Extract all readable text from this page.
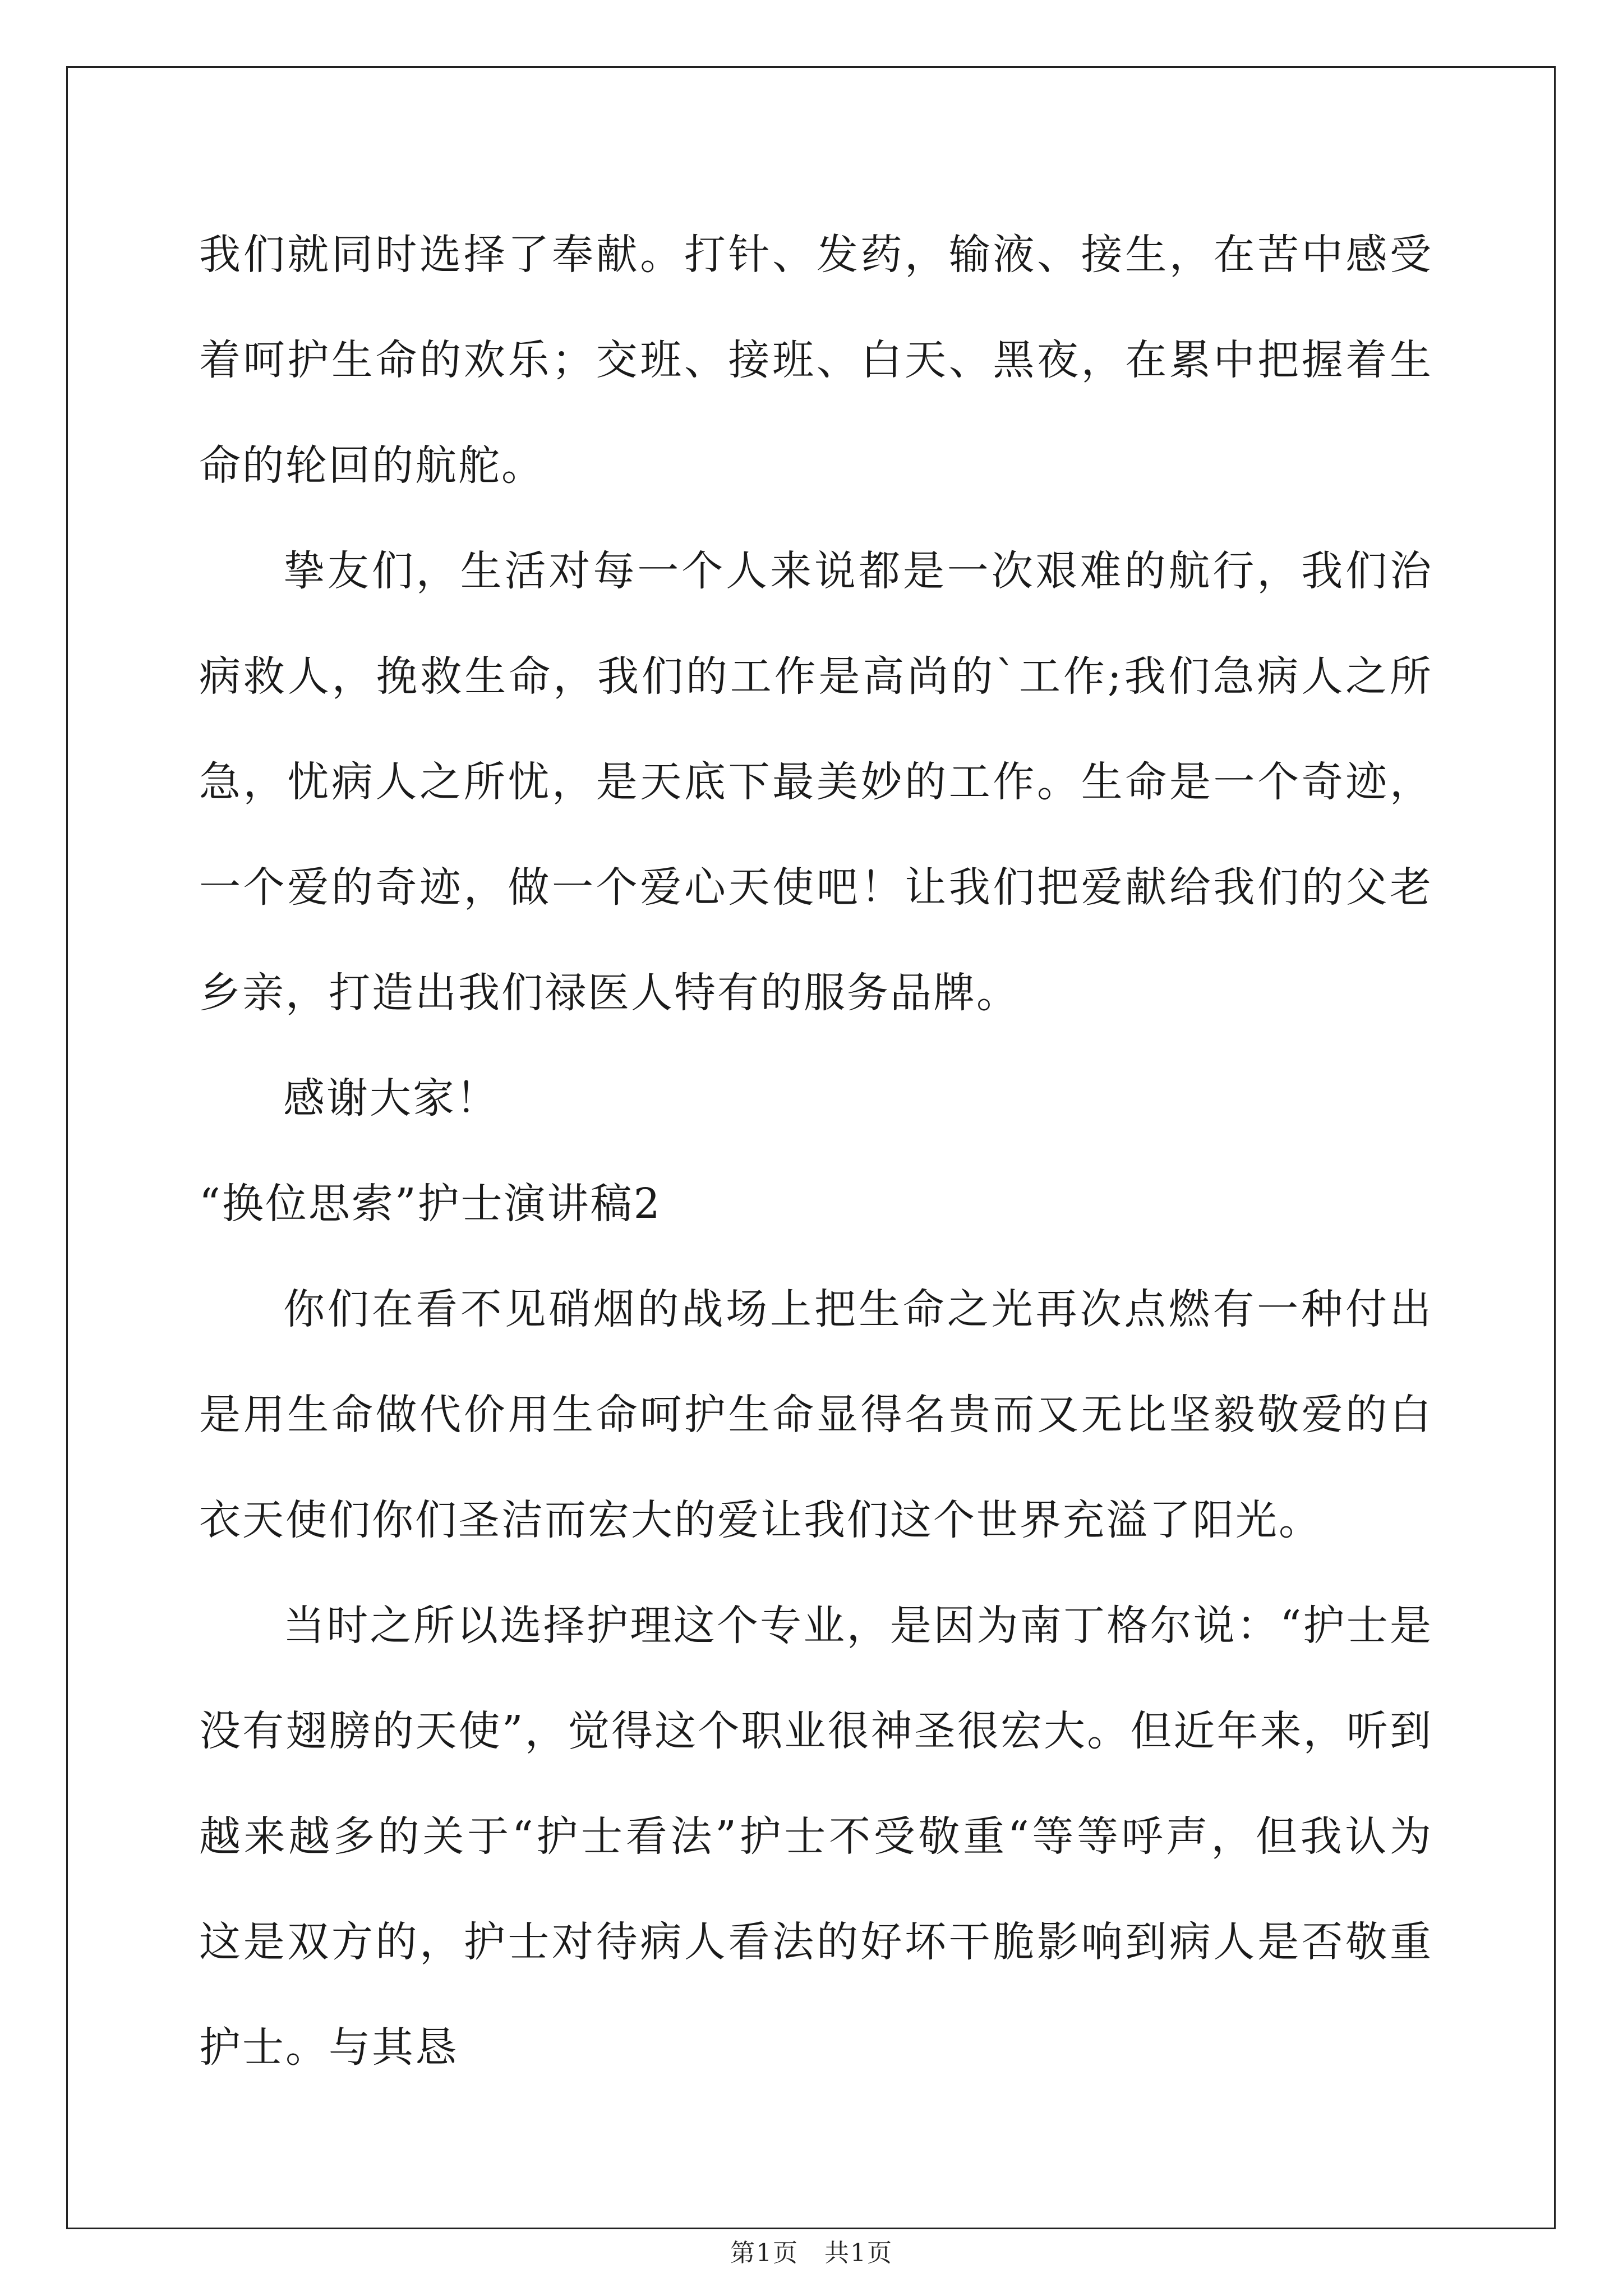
我们就同时选择了奉献。打针、发药，输液、接生，在苦中感受着呵护生命的欢乐；交班、接班、白天、黑夜，在累中把握着生命的轮回的航舵。

挚友们，生活对每一个人来说都是一次艰难的航行，我们治病救人，挽救生命，我们的工作是高尚的`工作;我们急病人之所急，忧病人之所忧，是天底下最美妙的工作。生命是一个奇迹，一个爱的奇迹，做一个爱心天使吧！让我们把爱献给我们的父老乡亲，打造出我们禄医人特有的服务品牌。

感谢大家！

“换位思索”护士演讲稿2

你们在看不见硝烟的战场上把生命之光再次点燃有一种付出是用生命做代价用生命呵护生命显得名贵而又无比坚毅敬爱的白衣天使们你们圣洁而宏大的爱让我们这个世界充溢了阳光。

当时之所以选择护理这个专业，是因为南丁格尔说：“护士是没有翅膀的天使”，觉得这个职业很神圣很宏大。但近年来，听到越来越多的关于“护士看法”护士不受敬重“等等呼声，但我认为这是双方的，护士对待病人看法的好坏干脆影响到病人是否敬重护士。与其恳

第1页　共1页
